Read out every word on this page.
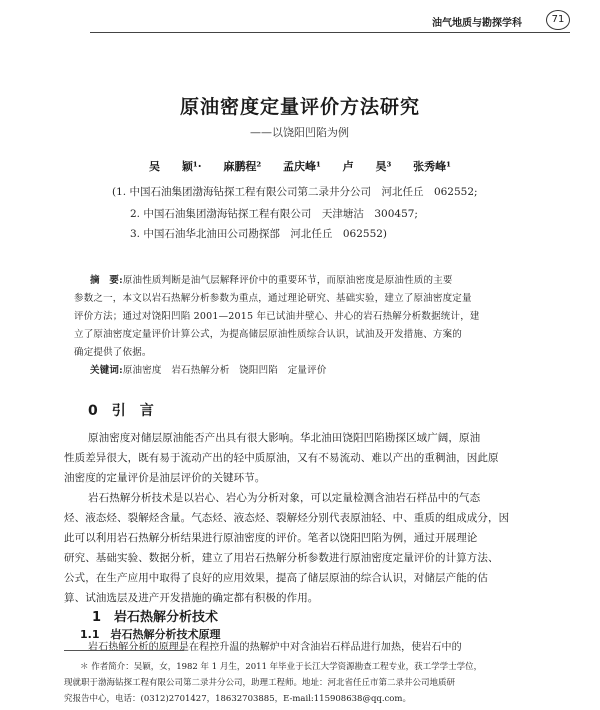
油气地质与勘探学科	71
原油密度定量评价方法研究
——以饶阳凹陷为例
吴 颖¹· 麻鹏程² 孟庆峰¹ 卢 昊³ 张秀峰¹
(1. 中国石油集团渤海钻探工程有限公司第二录井分公司　河北任丘　062552;
2. 中国石油集团渤海钻探工程有限公司　天津塘沽　300457;
3. 中国石油华北油田公司勘探部　河北任丘　062552)
摘　要:原油性质判断是油气层解释评价中的重要环节，而原油密度是原油性质的主要
参数之一，本文以岩石热解分析参数为重点，通过理论研究、基础实验，建立了原油密度定量
评价方法；通过对饶阳凹陷 2001—2015 年已试油井壁心、井心的岩石热解分析数据统计，建
立了原油密度定量评价计算公式，为提高储层原油性质综合认识，试油及开发措施、方案的
确定提供了依据。
关键词:原油密度　岩石热解分析　饶阳凹陷　定量评价
0　引　言
原油密度对储层原油能否产出具有很大影响。华北油田饶阳凹陷勘探区域广阔，原油
性质差异很大，既有易于流动产出的轻中质原油，又有不易流动、难以产出的重稠油，因此原
油密度的定量评价是油层评价的关键环节。
岩石热解分析技术是以岩心、岩心为分析对象，可以定量检测含油岩石样品中的气态
烃、液态烃、裂解烃含量。气态烃、液态烃、裂解烃分别代表原油轻、中、重质的组成成分，因
此可以利用岩石热解分析结果进行原油密度的评价。笔者以饶阳凹陷为例，通过开展理论
研究、基础实验、数据分析，建立了用岩石热解分析参数进行原油密度定量评价的计算方法、
公式，在生产应用中取得了良好的应用效果，提高了储层原油的综合认识，对储层产能的估
算、试油选层及进产开发措施的确定都有积极的作用。
1　岩石热解分析技术
1.1　岩石热解分析技术原理
岩石热解分析的原理是在程控升温的热解炉中对含油岩石样品进行加热，使岩石中的
＊ 作者简介：吴颖，女，1982 年 1 月生，2011 年毕业于长江大学资源勘查工程专业，获工学学士学位，
现就职于渤海钻探工程有限公司第二录井分公司，助理工程师。地址：河北省任丘市第二录井公司地质研
究报告中心，电话：(0312)2701427，18632703885，E-mail:115908638@qq.com。
